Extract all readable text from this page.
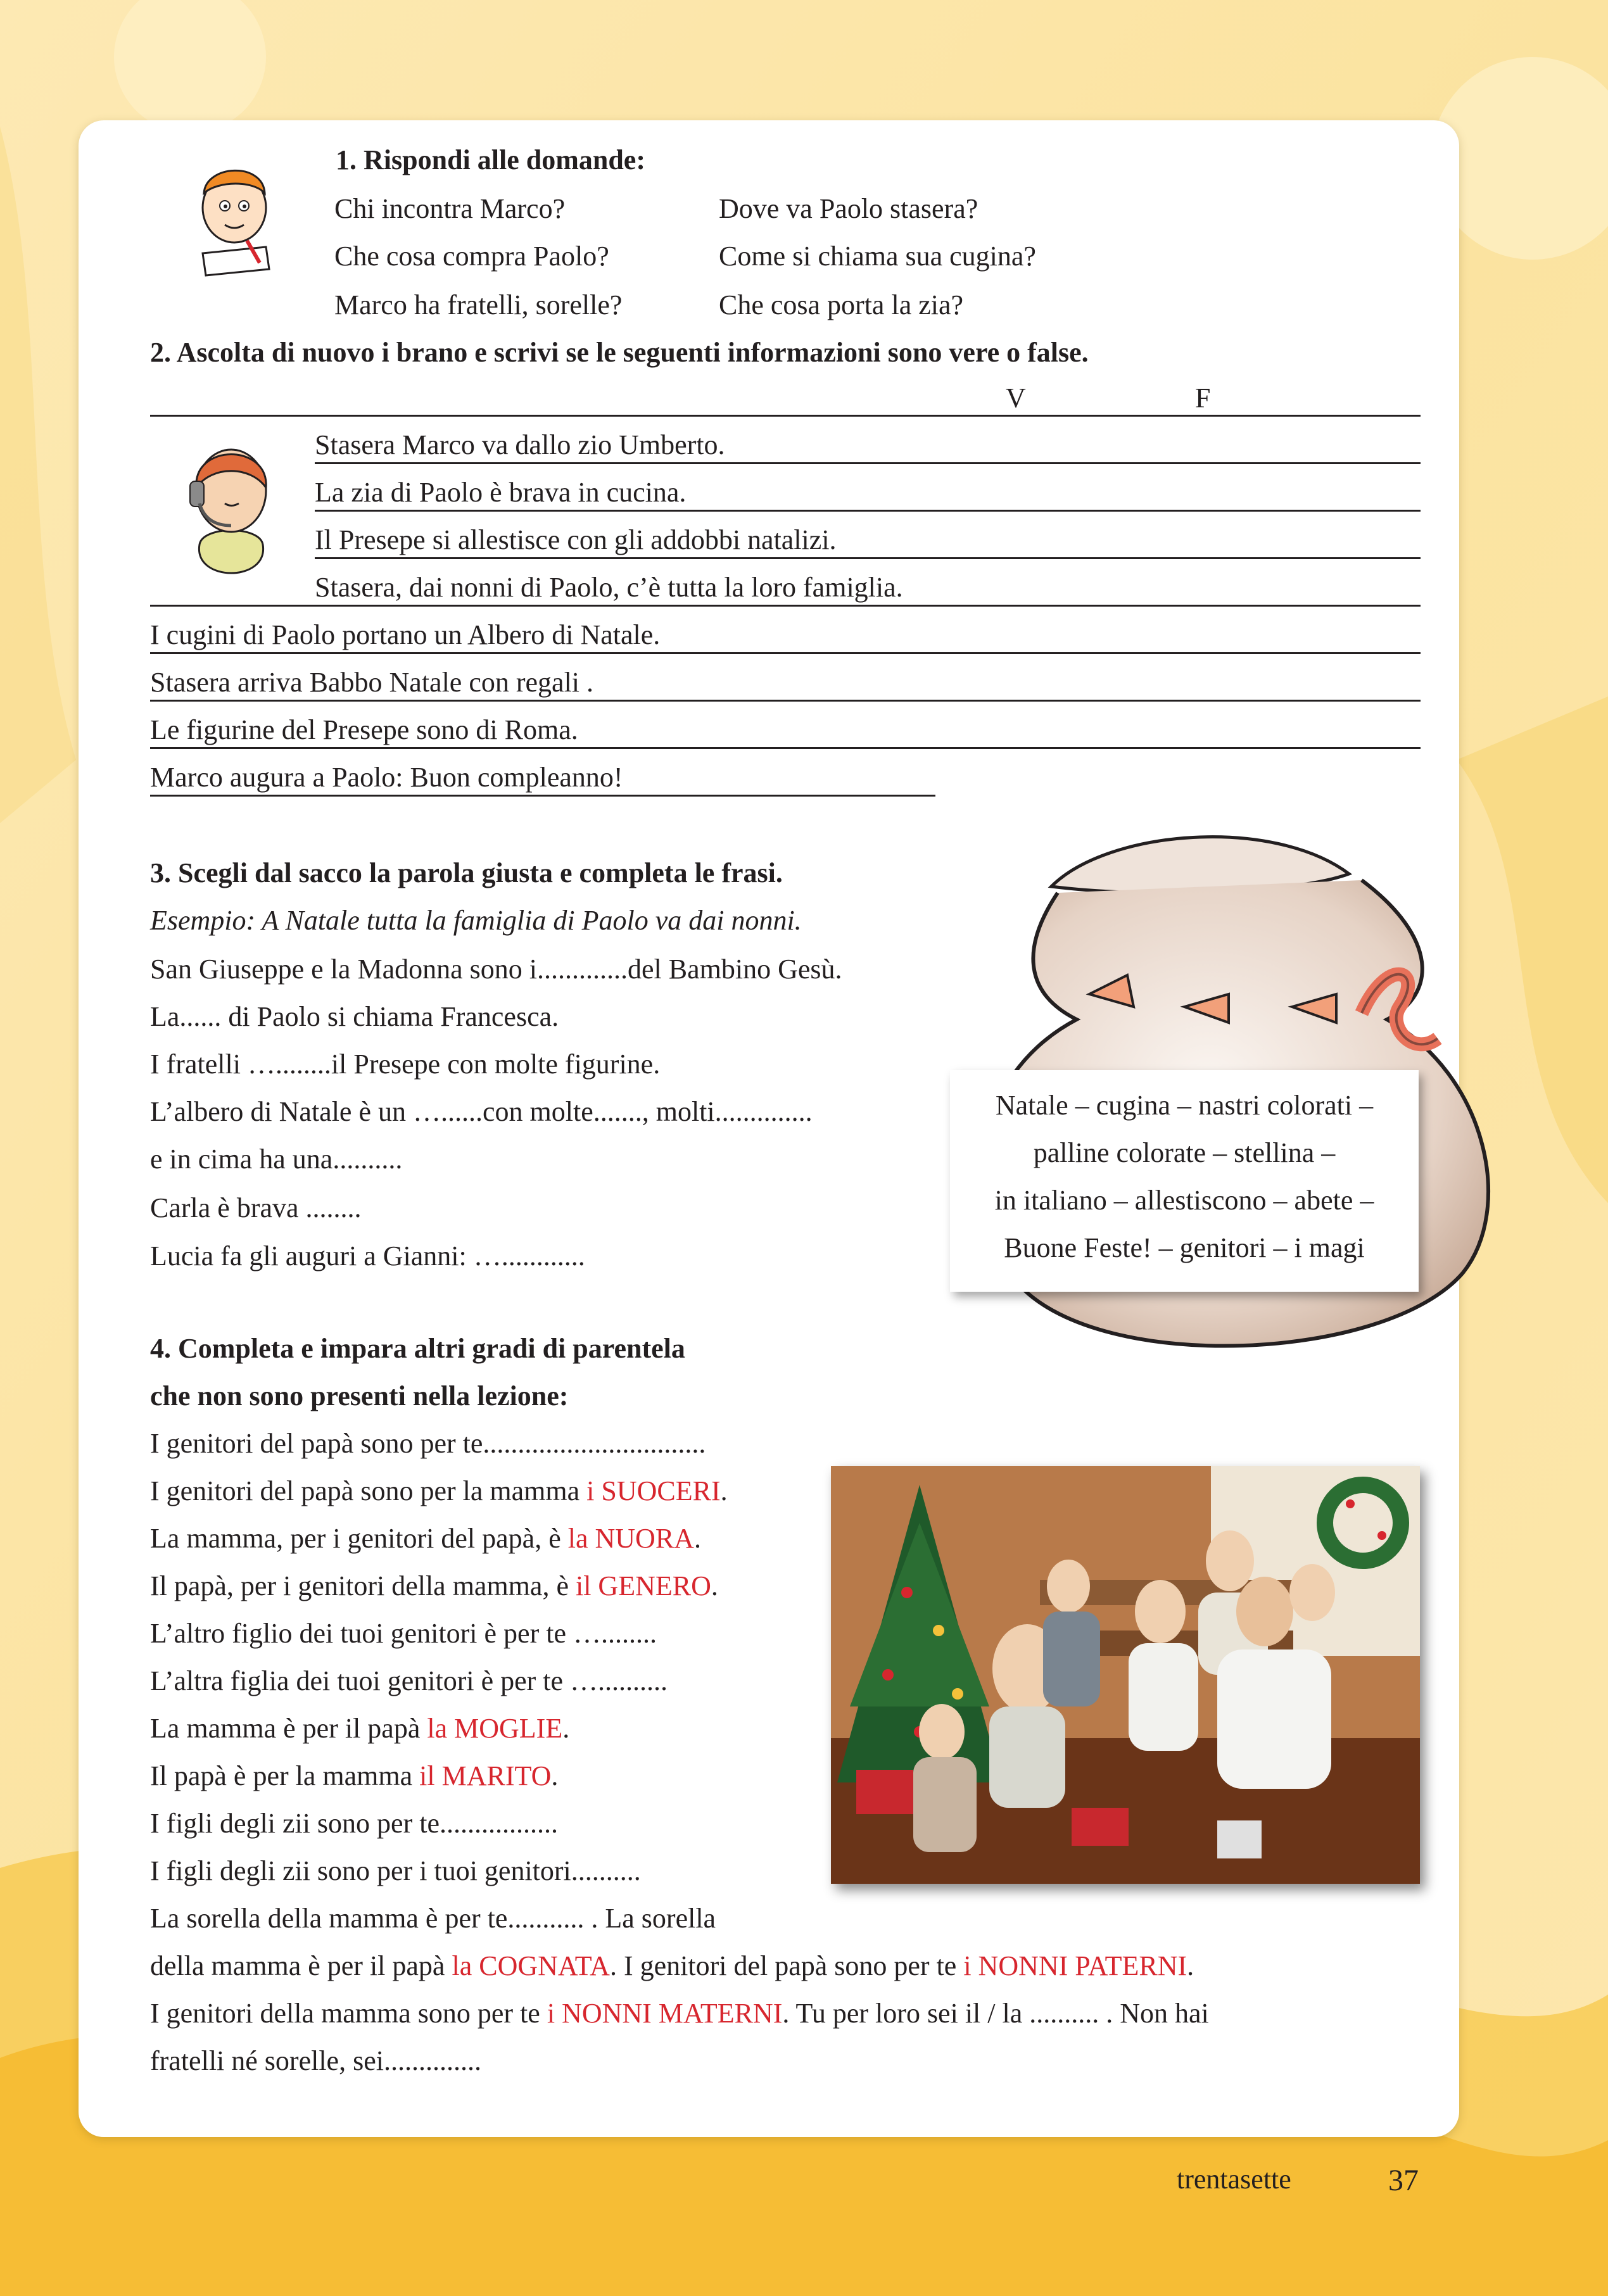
1. Rispondi alle domande:
Chi incontra Marco?
Che cosa compra Paolo?
Marco ha fratelli, sorelle?
Dove va Paolo stasera?
Come si chiama sua cugina?
Che cosa porta la zia?
2. Ascolta di nuovo i brano e scrivi se le seguenti informazioni sono vere o false.
V	F
Stasera Marco va dallo zio Umberto.
La zia di Paolo è brava in cucina.
Il Presepe si allestisce con gli addobbi natalizi.
Stasera, dai nonni di Paolo, c’è tutta la loro famiglia.
I cugini di Paolo portano un Albero di Natale.
Stasera arriva Babbo Natale con regali .
Le figurine del Presepe sono di Roma.
Marco augura a Paolo: Buon compleanno!
3. Scegli dal sacco la parola giusta e completa le frasi.
Esempio: A Natale tutta la famiglia di Paolo va dai nonni.
San Giuseppe e la Madonna sono i.............del Bambino Gesù.
La...... di Paolo si chiama Francesca.
I fratelli …........il Presepe con molte figurine.
L’albero di Natale è un …......con molte......., molti..............
e in cima ha una..........
Carla è brava ........
Lucia fa gli auguri a Gianni: …............
Natale – cugina – nastri colorati –
palline colorate – stellina –
in italiano – allestiscono – abete –
Buone Feste! – genitori – i magi
4. Completa e impara altri gradi di parentela
che non sono presenti nella lezione:
I genitori del papà sono per te................................
I genitori del papà sono per la mamma i SUOCERI.
La mamma, per i genitori del papà, è la NUORA.
Il papà, per i genitori della mamma, è il GENERO.
L’altro figlio dei tuoi genitori è per te …........
L’altra figlia dei tuoi genitori è per te …..........
La mamma è per il papà la MOGLIE.
Il papà è per la mamma il MARITO.
I figli degli zii sono per te.................
I figli degli zii sono per i tuoi genitori..........
La sorella della mamma è per te........... . La sorella
della mamma è per il papà la COGNATA. I genitori del papà sono per te i NONNI PATERNI.
I genitori della mamma sono per te i NONNI MATERNI. Tu per loro sei il / la .......... . Non hai
fratelli né sorelle, sei..............
trentasette	37
